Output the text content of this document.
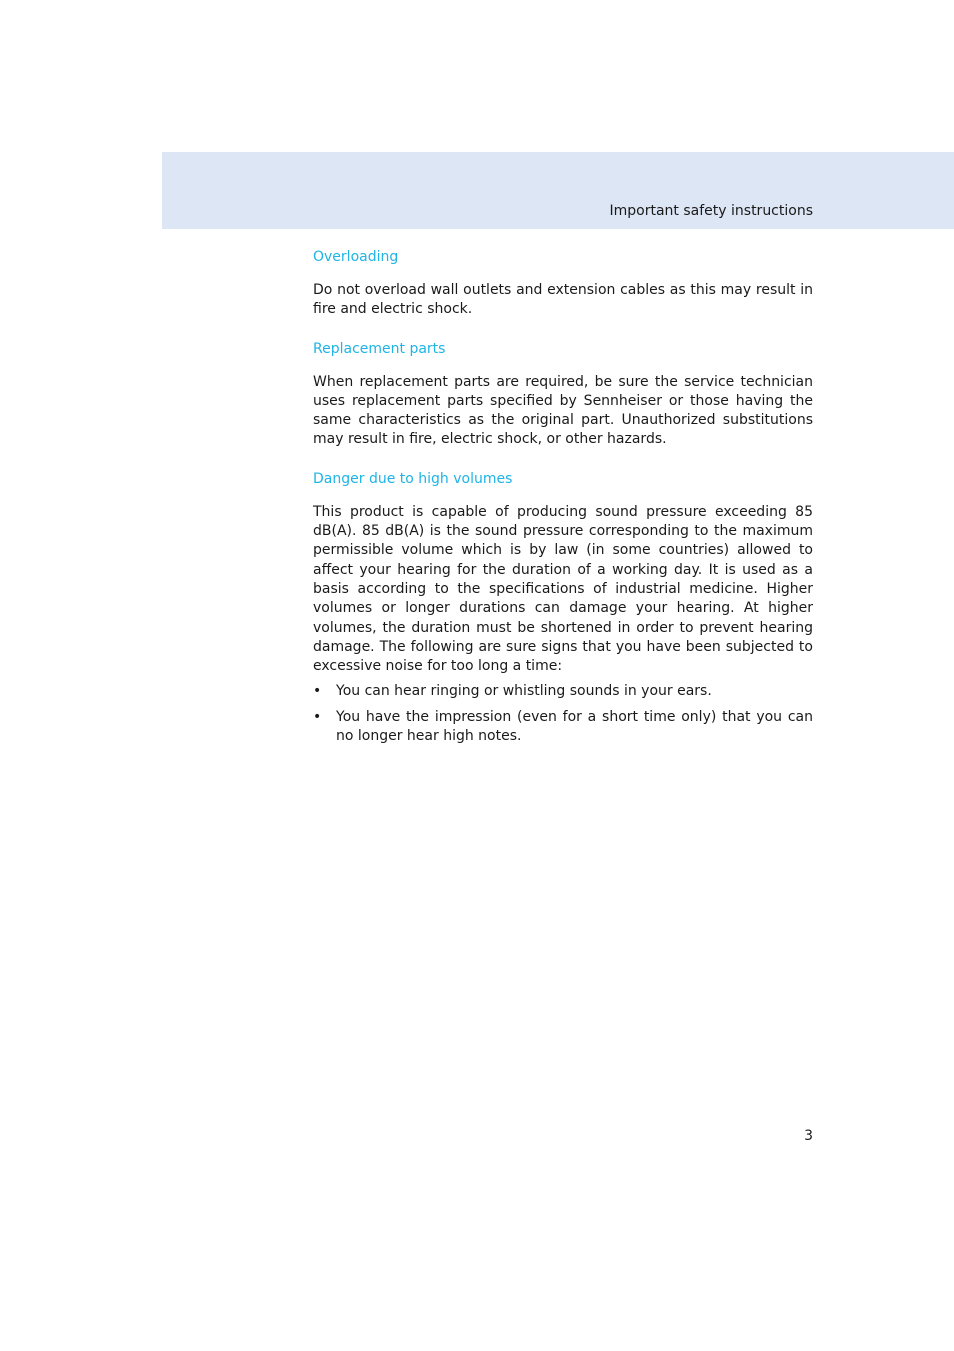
Important safety instructions
Overloading

Do not overload wall outlets and extension cables as this may result in fire and electric shock.

Replacement parts

When replacement parts are required, be sure the service technician uses replacement parts specified by Sennheiser or those having the same characteristics as the original part. Unauthorized substitutions may result in fire, electric shock, or other hazards.

Danger due to high volumes

This product is capable of producing sound pressure exceeding 85 dB(A). 85 dB(A) is the sound pressure corresponding to the maximum permissible volume which is by law (in some countries) allowed to affect your hearing for the duration of a working day. It is used as a basis according to the specifications of industrial medicine. Higher volumes or longer durations can damage your hearing. At higher volumes, the duration must be shortened in order to prevent hearing damage. The following are sure signs that you have been subjected to excessive noise for too long a time:

• You can hear ringing or whistling sounds in your ears.
• You have the impression (even for a short time only) that you can no longer hear high notes.
3
